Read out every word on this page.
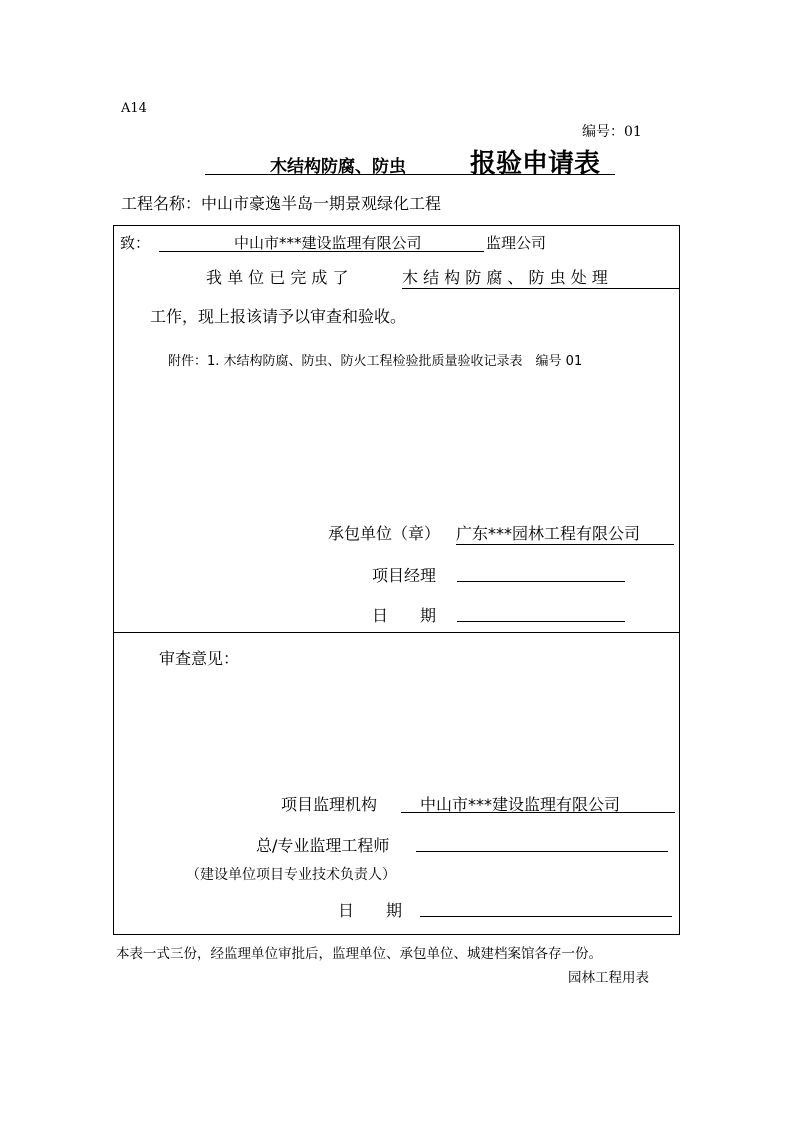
A14
编号：01
木结构防腐、防虫 报验申请表
工程名称：中山市豪逸半岛一期景观绿化工程
致：	中山市***建设监理有限公司	监理公司
我 单 位 已 完 成 了	木 结 构 防 腐 、 防 虫 处 理
工作，现上报该请予以审查和验收。
附件：1. 木结构防腐、防虫、防火工程检验批质量验收记录表　编号 01
承包单位（章） 广东***园林工程有限公司
项目经理
日　　期
审查意见：
项目监理机构	中山市***建设监理有限公司
总/专业监理工程师
（建设单位项目专业技术负责人）
日　　期
本表一式三份，经监理单位审批后，监理单位、承包单位、城建档案馆各存一份。
园林工程用表
